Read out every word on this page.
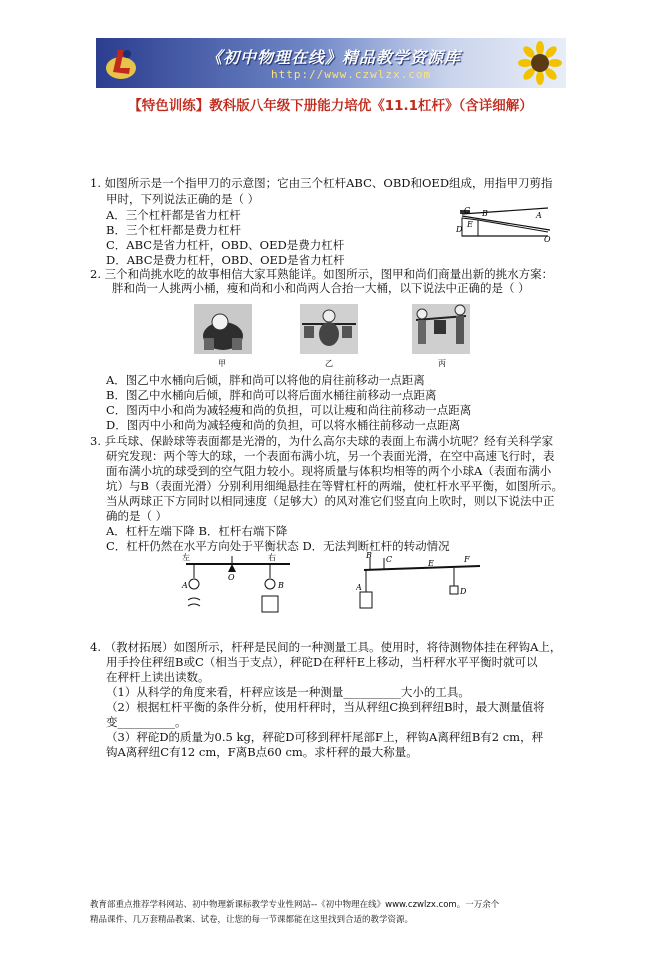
《初中物理在线》精品教学资源库
http://www.czwlzx.com
【特色训练】教科版八年级下册能力培优《11.1杠杆》（含详细解）
1. 如图所示是一个指甲刀的示意图；它由三个杠杆ABC、OBD和OED组成，用指甲刀剪指
甲时，下列说法正确的是（ ）
A．三个杠杆都是省力杠杆
B．三个杠杆都是费力杠杆
C．ABC是省力杠杆，OBD、OED是费力杠杆
D．ABC是费力杠杆，OBD、OED是省力杠杆
C B	A
E
D
O
2. 三个和尚挑水吃的故事相信大家耳熟能详。如图所示，图甲和尚们商量出新的挑水方案：
胖和尚一人挑两小桶，瘦和尚和小和尚两人合抬一大桶，以下说法中正确的是（ ）
甲	乙	丙
A．图乙中水桶向后倾，胖和尚可以将他的肩往前移动一点距离
B．图乙中水桶向后倾，胖和尚可以将后面水桶往前移动一点距离
C．图丙中小和尚为减轻瘦和尚的负担，可以让瘦和尚往前移动一点距离
D．图丙中小和尚为减轻瘦和尚的负担，可以将水桶往前移动一点距离
3. 乒乓球、保龄球等表面都是光滑的，为什么高尔夫球的表面上布满小坑呢？经有关科学家
研究发现：两个等大的球，一个表面布满小坑，另一个表面光滑，在空中高速飞行时，表
面布满小坑的球受到的空气阻力较小。现将质量与体积均相等的两个小球A（表面布满小
坑）与B（表面光滑）分别利用细绳悬挂在等臂杠杆的两端，使杠杆水平平衡，如图所示。
当从两球正下方同时以相同速度（足够大）的风对准它们竖直向上吹时，则以下说法中正
确的是（ ）
A．杠杆左端下降 B．杠杆右端下降
C．杠杆仍然在水平方向处于平衡状态 D．无法判断杠杆的转动情况
左	右
O
A	B
B C	E	F
A	D
4. （教材拓展）如图所示，杆秤是民间的一种测量工具。使用时，将待测物体挂在秤钩A上，
用手拎住秤纽B或C（相当于支点），秤砣D在秤杆E上移动，当杆秤水平平衡时就可以
在秤杆上读出读数。
（1）从科学的角度来看，杆秤应该是一种测量__________大小的工具。
（2）根据杠杆平衡的条件分析，使用杆秤时，当从秤纽C换到秤纽B时，最大测量值将
变__________。
（3）秤砣D的质量为0.5 kg，秤砣D可移到秤杆尾部F上，秤钩A离秤纽B有2 cm，秤
钩A离秤纽C有12 cm，F离B点60 cm。求杆秤的最大称量。
教育部重点推荐学科网站、初中物理新课标教学专业性网站--《初中物理在线》www.czwlzx.com。一万余个
精品课件、几万套精品教案、试卷，让您的每一节课都能在这里找到合适的教学资源。
